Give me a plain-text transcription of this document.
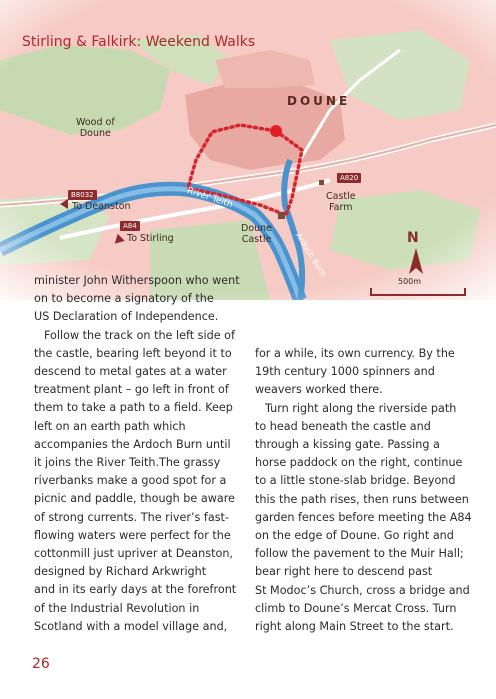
Stirling & Falkirk: Weekend Walks
DOUNE
Wood of
Doune
River Teith
Ardoch Burn
Castle
Farm
Doune
Castle
B8032
To Deanston
A84
To Stirling
A820
N
500m

minister John Witherspoon who went

on to become a signatory of the

US Declaration of Independence.

Follow the track on the left side of

the castle, bearing left beyond it to

descend to metal gates at a water

treatment plant – go left in front of

them to take a path to a field. Keep

left on an earth path which

accompanies the Ardoch Burn until

it joins the River Teith.The grassy

riverbanks make a good spot for a

picnic and paddle, though be aware

of strong currents. The river’s fast-

flowing waters were perfect for the

cottonmill just upriver at Deanston,

designed by Richard Arkwright

and in its early days at the forefront

of the Industrial Revolution in

Scotland with a model village and,

for a while, its own currency. By the

19th century 1000 spinners and

weavers worked there.

Turn right along the riverside path

to head beneath the castle and

through a kissing gate. Passing a

horse paddock on the right, continue

to a little stone-slab bridge. Beyond

this the path rises, then runs between

garden fences before meeting the A84

on the edge of Doune. Go right and

follow the pavement to the Muir Hall;

bear right here to descend past

St Modoc’s Church, cross a bridge and

climb to Doune’s Mercat Cross. Turn

right along Main Street to the start.

26
